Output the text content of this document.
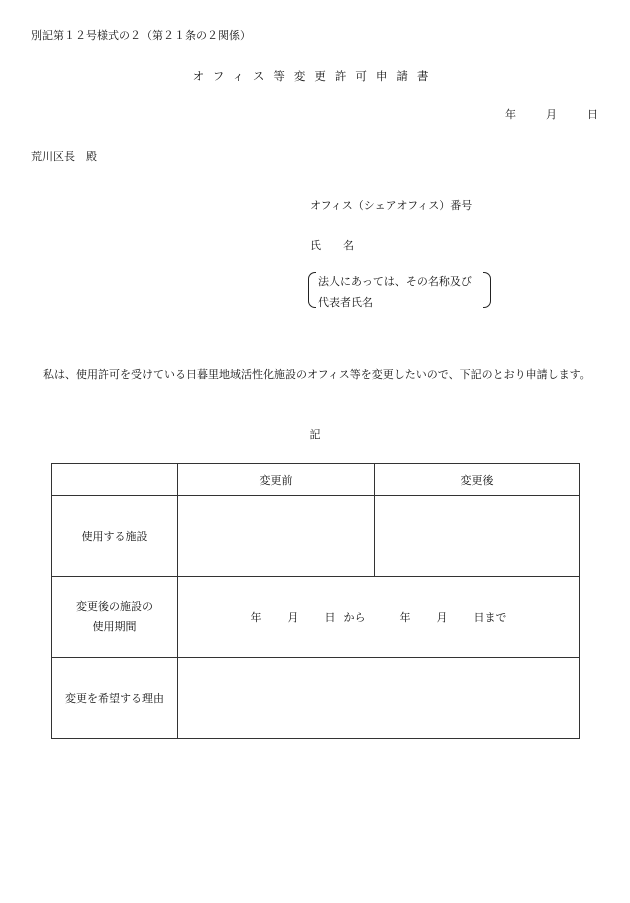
別記第１２号様式の２（第２１条の２関係）
オフィス等変更許可申請書
年	月	日
荒川区長　殿
オフィス（シェアオフィス）番号
氏 名
法人にあっては、その名称及び
代表者氏名
私は、使用許可を受けている日暮里地域活性化施設のオフィス等を変更したいので、下記のとおり申請します。
記
	変更前	変更後
使用する施設		

変更後の施設の
使用期間	年 月 日 から 年 月 日まで	
変更を希望する理由		
